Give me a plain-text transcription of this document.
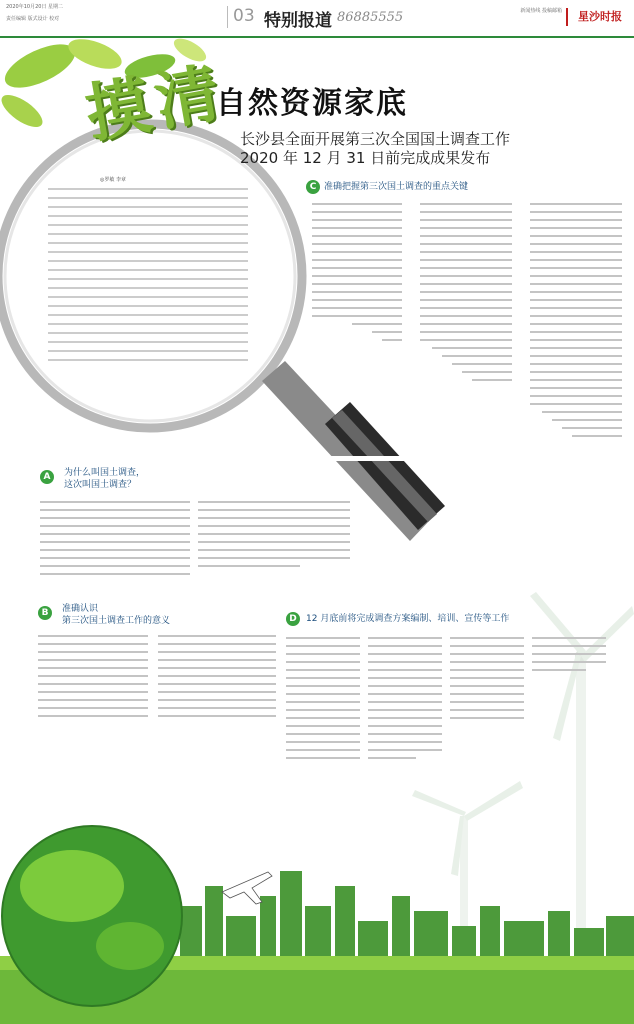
2020年10月20日 星期二
责任编辑 版式设计 校对	03 特别报道 86885555	新闻热线 投稿邮箱	星沙时报
摸清
自然资源家底
长沙县全面开展第三次全国国土调查工作
2020 年 12 月 31 日前完成成果发布
◎罗敏 李章
C 准确把握第三次国土调查的重点关键
A	为什么叫国土调查，
这次叫国土调查？
B	准确认识
第三次国土调查工作的意义	D	12 月底前将完成调查方案编制、培训、宣传等工作
